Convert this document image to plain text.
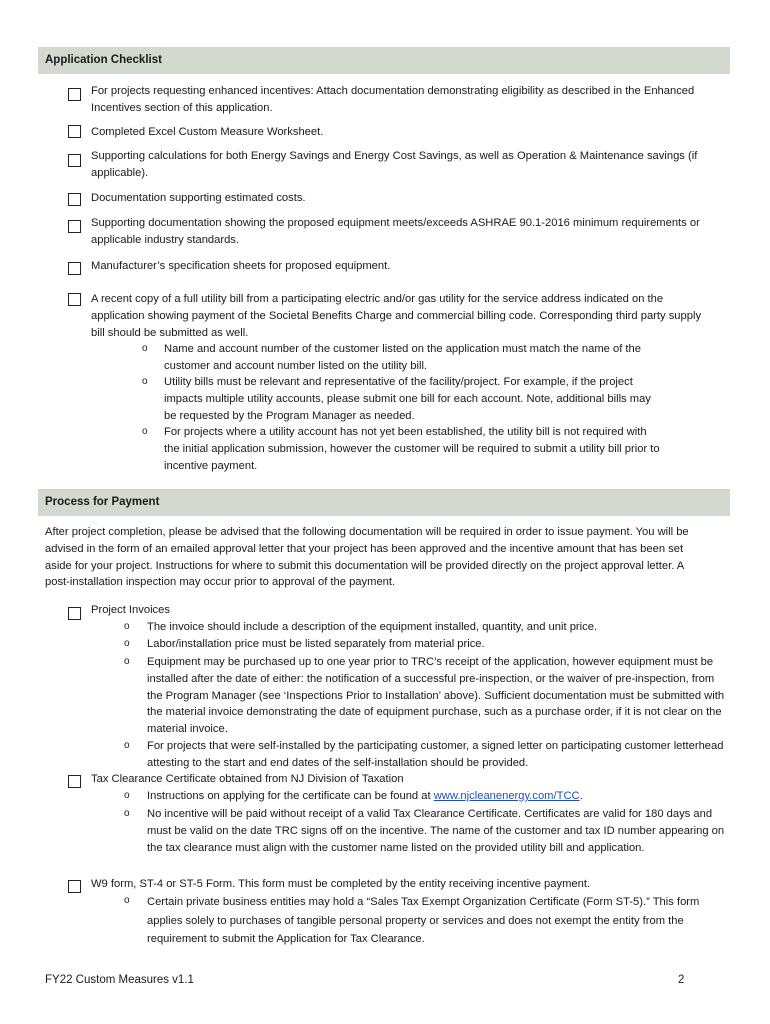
Application Checklist

For projects requesting enhanced incentives: Attach documentation demonstrating eligibility as described in the Enhanced Incentives section of this application.

Completed Excel Custom Measure Worksheet.

Supporting calculations for both Energy Savings and Energy Cost Savings, as well as Operation & Maintenance savings (if applicable).

Documentation supporting estimated costs.

Supporting documentation showing the proposed equipment meets/exceeds ASHRAE 90.1-2016 minimum requirements or applicable industry standards.

Manufacturer’s specification sheets for proposed equipment.

A recent copy of a full utility bill from a participating electric and/or gas utility for the service address indicated on the application showing payment of the Societal Benefits Charge and commercial billing code. Corresponding third party supply bill should be submitted as well.

o Name and account number of the customer listed on the application must match the name of the customer and account number listed on the utility bill.

o Utility bills must be relevant and representative of the facility/project. For example, if the project impacts multiple utility accounts, please submit one bill for each account. Note, additional bills may be requested by the Program Manager as needed.

o For projects where a utility account has not yet been established, the utility bill is not required with the initial application submission, however the customer will be required to submit a utility bill prior to incentive payment.

Process for Payment

After project completion, please be advised that the following documentation will be required in order to issue payment. You will be advised in the form of an emailed approval letter that your project has been approved and the incentive amount that has been set aside for your project. Instructions for where to submit this documentation will be provided directly on the project approval letter. A post-installation inspection may occur prior to approval of the payment.

Project Invoices

o The invoice should include a description of the equipment installed, quantity, and unit price.

o Labor/installation price must be listed separately from material price.

o Equipment may be purchased up to one year prior to TRC’s receipt of the application, however equipment must be installed after the date of either: the notification of a successful pre-inspection, or the waiver of pre-inspection, from the Program Manager (see ‘Inspections Prior to Installation’ above). Sufficient documentation must be submitted with the material invoice demonstrating the date of equipment purchase, such as a purchase order, if it is not clear on the material invoice.

o For projects that were self-installed by the participating customer, a signed letter on participating customer letterhead attesting to the start and end dates of the self-installation should be provided.

Tax Clearance Certificate obtained from NJ Division of Taxation

o Instructions on applying for the certificate can be found at www.njcleanenergy.com/TCC.

o No incentive will be paid without receipt of a valid Tax Clearance Certificate. Certificates are valid for 180 days and must be valid on the date TRC signs off on the incentive. The name of the customer and tax ID number appearing on the tax clearance must align with the customer name listed on the provided utility bill and application.

W9 form, ST-4 or ST-5 Form. This form must be completed by the entity receiving incentive payment.

o Certain private business entities may hold a “Sales Tax Exempt Organization Certificate (Form ST-5).” This form applies solely to purchases of tangible personal property or services and does not exempt the entity from the requirement to submit the Application for Tax Clearance.

FY22 Custom Measures v1.1	2
